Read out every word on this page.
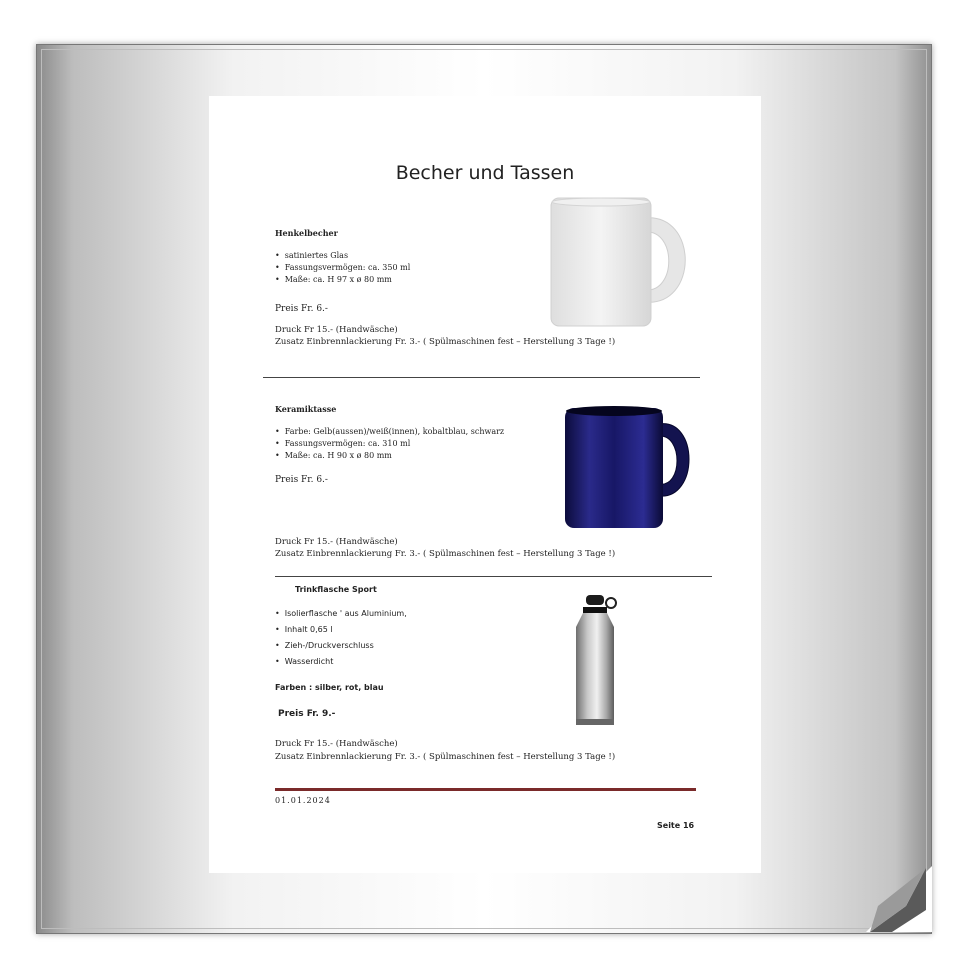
Becher und Tassen
Henkelbecher
• satiniertes Glas
• Fassungsvermögen: ca. 350 ml
• Maße: ca. H 97 x ø 80 mm
Preis Fr. 6.-
Druck Fr 15.- (Handwäsche)
Zusatz Einbrennlackierung Fr. 3.- ( Spülmaschinen fest – Herstellung 3 Tage !)
Keramiktasse
• Farbe: Gelb(aussen)/weiß(innen), kobaltblau, schwarz
• Fassungsvermögen: ca. 310 ml
• Maße: ca. H 90 x ø 80 mm
Preis Fr. 6.-
Druck Fr 15.- (Handwäsche)
Zusatz Einbrennlackierung Fr. 3.- ( Spülmaschinen fest – Herstellung 3 Tage !)
Trinkflasche Sport
• Isolierflasche ' aus Aluminium,
• Inhalt 0,65 l
• Zieh-/Druckverschluss
• Wasserdicht
Farben : silber, rot, blau
Preis Fr. 9.-
Druck Fr 15.- (Handwäsche)
Zusatz Einbrennlackierung Fr. 3.- ( Spülmaschinen fest – Herstellung 3 Tage !)
01.01.2024
Seite 16
